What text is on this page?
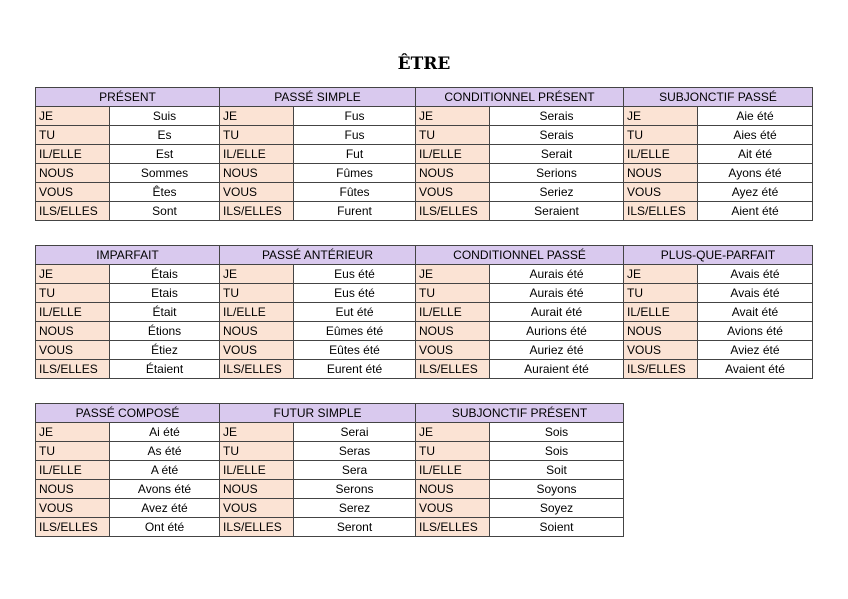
ÊTRE
PRÉSENT	
JE	Suis
TU	Es
IL/ELLE	Est
NOUS	Sommes
VOUS	Êtes
ILS/ELLES	Sont
PASSÉ SIMPLE	
JE	Fus
TU	Fus
IL/ELLE	Fut
NOUS	Fûmes
VOUS	Fûtes
ILS/ELLES	Furent
CONDITIONNEL PRÉSENT	
JE	Serais
TU	Serais
IL/ELLE	Serait
NOUS	Serions
VOUS	Seriez
ILS/ELLES	Seraient
SUBJONCTIF PASSÉ	
JE	Aie été
TU	Aies été
IL/ELLE	Ait été
NOUS	Ayons été
VOUS	Ayez été
ILS/ELLES	Aient été
IMPARFAIT	
JE	Étais
TU	Etais
IL/ELLE	Était
NOUS	Étions
VOUS	Étiez
ILS/ELLES	Étaient
PASSÉ ANTÉRIEUR	
JE	Eus été
TU	Eus été
IL/ELLE	Eut été
NOUS	Eûmes été
VOUS	Eûtes été
ILS/ELLES	Eurent été
CONDITIONNEL PASSÉ	
JE	Aurais été
TU	Aurais été
IL/ELLE	Aurait été
NOUS	Aurions été
VOUS	Auriez été
ILS/ELLES	Auraient été
PLUS-QUE-PARFAIT	
JE	Avais été
TU	Avais été
IL/ELLE	Avait été
NOUS	Avions été
VOUS	Aviez été
ILS/ELLES	Avaient été
PASSÉ COMPOSÉ	
JE	Ai été
TU	As été
IL/ELLE	A été
NOUS	Avons été
VOUS	Avez été
ILS/ELLES	Ont été
FUTUR SIMPLE	
JE	Serai
TU	Seras
IL/ELLE	Sera
NOUS	Serons
VOUS	Serez
ILS/ELLES	Seront
SUBJONCTIF PRÉSENT	
JE	Sois
TU	Sois
IL/ELLE	Soit
NOUS	Soyons
VOUS	Soyez
ILS/ELLES	Soient
